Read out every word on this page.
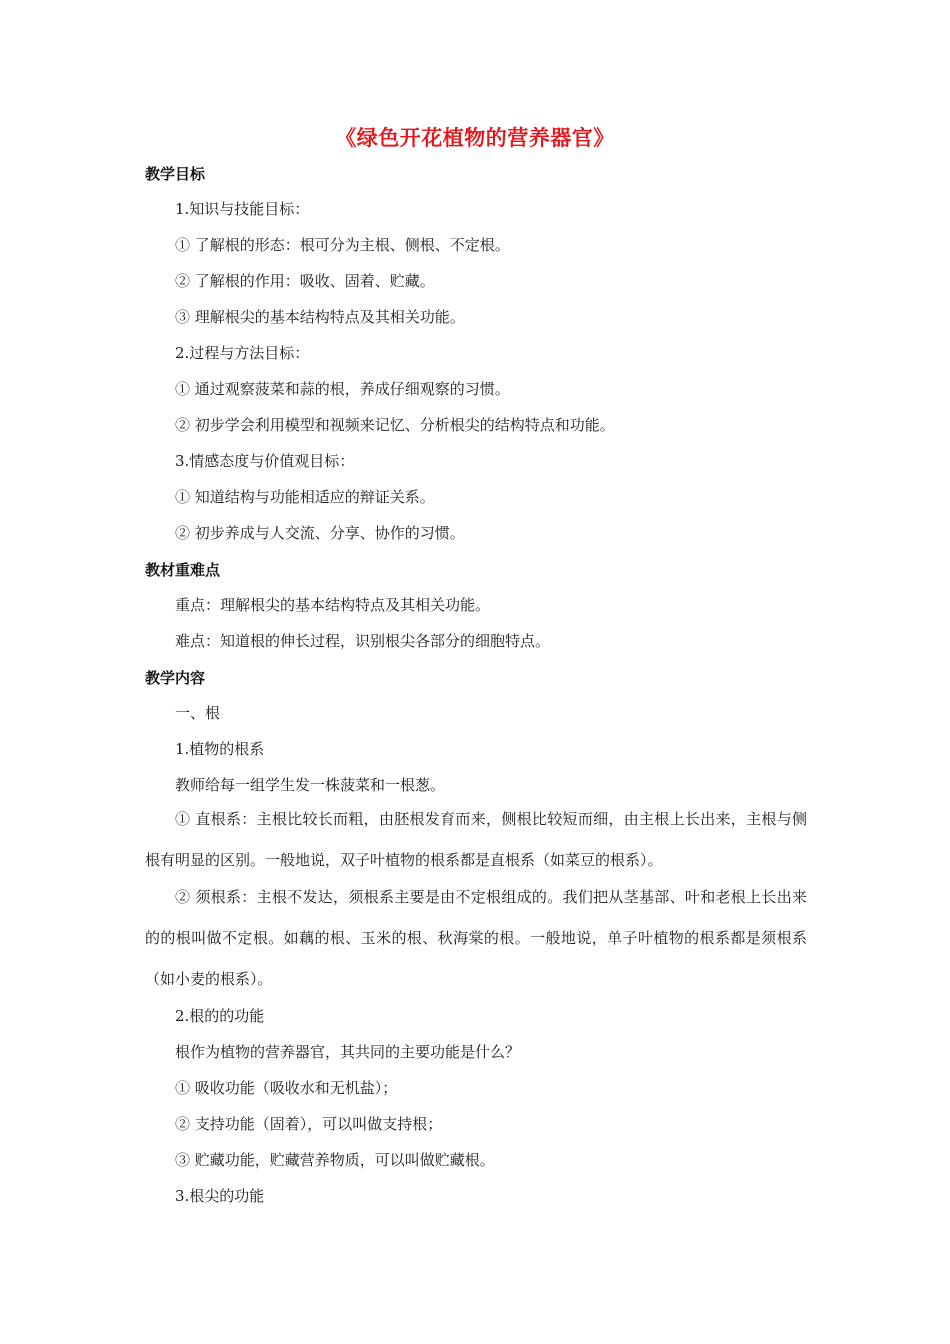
《绿色开花植物的营养器官》
教学目标
1.知识与技能目标：
① 了解根的形态：根可分为主根、侧根、不定根。
② 了解根的作用：吸收、固着、贮藏。
③ 理解根尖的基本结构特点及其相关功能。
2.过程与方法目标：
① 通过观察菠菜和蒜的根，养成仔细观察的习惯。
② 初步学会利用模型和视频来记忆、分析根尖的结构特点和功能。
3.情感态度与价值观目标：
① 知道结构与功能相适应的辩证关系。
② 初步养成与人交流、分享、协作的习惯。
教材重难点
重点：理解根尖的基本结构特点及其相关功能。
难点：知道根的伸长过程，识别根尖各部分的细胞特点。
教学内容
一、根
1.植物的根系
教师给每一组学生发一株菠菜和一根葱。
① 直根系：主根比较长而粗，由胚根发育而来，侧根比较短而细，由主根上长出来，主根与侧根有明显的区别。一般地说，双子叶植物的根系都是直根系（如菜豆的根系）。
② 须根系：主根不发达，须根系主要是由不定根组成的。我们把从茎基部、叶和老根上长出来的的根叫做不定根。如藕的根、玉米的根、秋海棠的根。一般地说，单子叶植物的根系都是须根系（如小麦的根系）。
2.根的的功能
根作为植物的营养器官，其共同的主要功能是什么？
① 吸收功能（吸收水和无机盐）；
② 支持功能（固着），可以叫做支持根；
③ 贮藏功能，贮藏营养物质，可以叫做贮藏根。
3.根尖的功能
